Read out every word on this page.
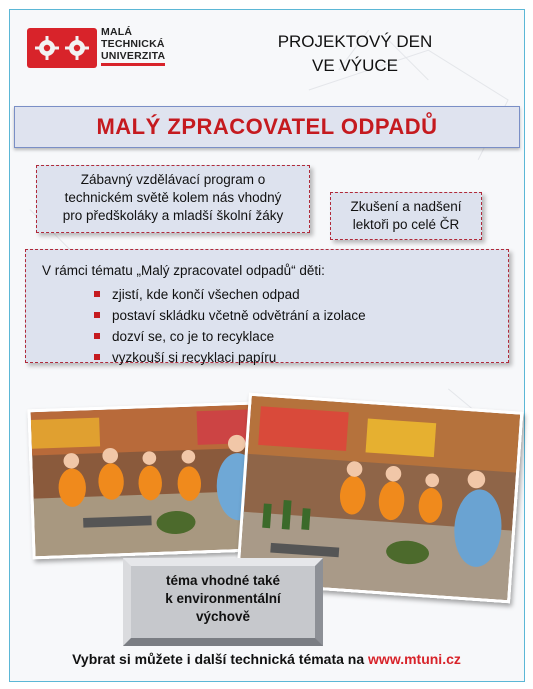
MALÁ
TECHNICKÁ
UNIVERZITA
PROJEKTOVÝ DEN
VE VÝUCE
MALÝ ZPRACOVATEL ODPADŮ
Zábavný vzdělávací program o
technickém světě kolem nás vhodný
pro předškoláky a mladší školní žáky
Zkušení a nadšení
lektoři po celé ČR
V rámci tématu „Malý zpracovatel odpadů“ děti:
zjistí, kde končí všechen odpad
postaví skládku včetně odvětrání a izolace
dozví se, co je to recyklace
vyzkouší si recyklaci papíru
téma vhodné také
k environmentální
výchově
Vybrat si můžete i další technická témata na www.mtuni.cz
